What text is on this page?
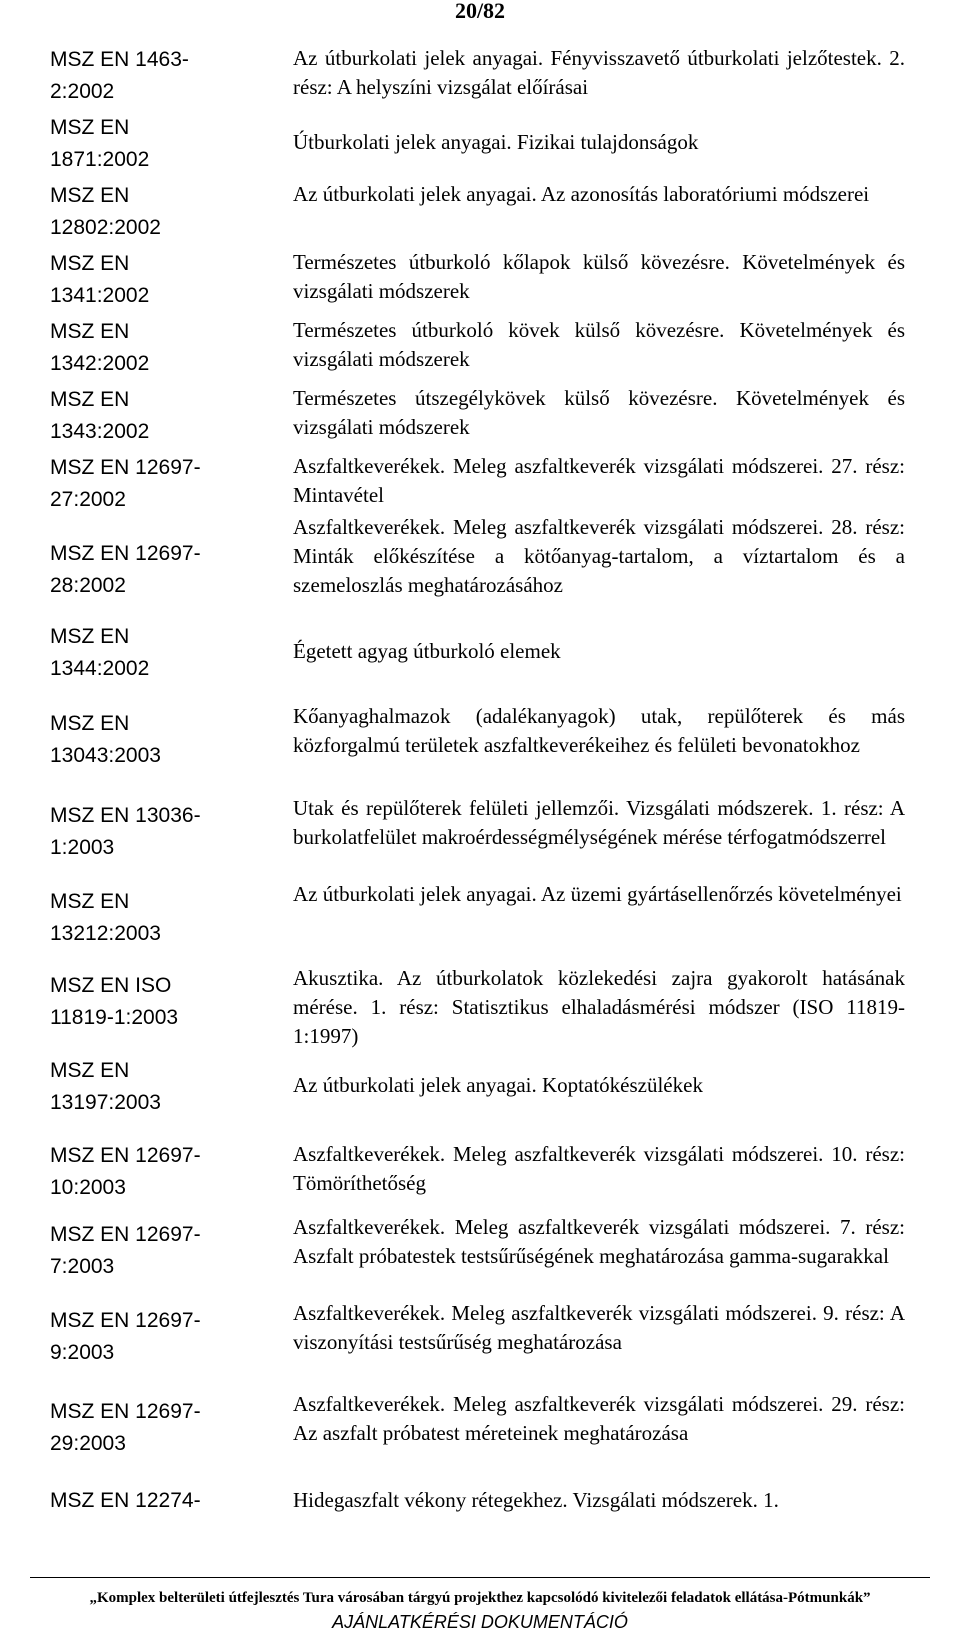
20/82
MSZ EN 1463-
2:2002
Az útburkolati jelek anyagai. Fényvisszavető útburkolati jelzőtestek. 2. rész: A helyszíni vizsgálat előírásai
MSZ EN
1871:2002
Útburkolati jelek anyagai. Fizikai tulajdonságok
MSZ EN
12802:2002
Az útburkolati jelek anyagai. Az azonosítás laboratóriumi módszerei
MSZ EN
1341:2002
Természetes útburkoló kőlapok külső kövezésre. Követelmények és vizsgálati módszerek
MSZ EN
1342:2002
Természetes útburkoló kövek külső kövezésre. Követelmények és vizsgálati módszerek
MSZ EN
1343:2002
Természetes útszegélykövek külső kövezésre. Követelmények és vizsgálati módszerek
MSZ EN 12697-
27:2002
Aszfaltkeverékek. Meleg aszfaltkeverék vizsgálati módszerei. 27. rész: Mintavétel
MSZ EN 12697-
28:2002
Aszfaltkeverékek. Meleg aszfaltkeverék vizsgálati módszerei. 28. rész: Minták előkészítése a kötőanyag-tartalom, a víztartalom és a szemeloszlás meghatározásához
MSZ EN
1344:2002
Égetett agyag útburkoló elemek
MSZ EN
13043:2003
Kőanyaghalmazok (adalékanyagok) utak, repülőterek és más közforgalmú területek aszfaltkeverékeihez és felületi bevonatokhoz
MSZ EN 13036-
1:2003
Utak és repülőterek felületi jellemzői. Vizsgálati módszerek. 1. rész: A burkolatfelület makroérdességmélységének mérése térfogatmódszerrel
MSZ EN
13212:2003
Az útburkolati jelek anyagai. Az üzemi gyártásellenőrzés követelményei
MSZ EN ISO
11819-1:2003
Akusztika. Az útburkolatok közlekedési zajra gyakorolt hatásának mérése. 1. rész: Statisztikus elhaladásmérési módszer (ISO 11819-1:1997)
MSZ EN
13197:2003
Az útburkolati jelek anyagai. Koptatókészülékek
MSZ EN 12697-
10:2003
Aszfaltkeverékek. Meleg aszfaltkeverék vizsgálati módszerei. 10. rész: Tömöríthetőség
MSZ EN 12697-
7:2003
Aszfaltkeverékek. Meleg aszfaltkeverék vizsgálati módszerei. 7. rész: Aszfalt próbatestek testsűrűségének meghatározása gamma-sugarakkal
MSZ EN 12697-
9:2003
Aszfaltkeverékek. Meleg aszfaltkeverék vizsgálati módszerei. 9. rész: A viszonyítási testsűrűség meghatározása
MSZ EN 12697-
29:2003
Aszfaltkeverékek. Meleg aszfaltkeverék vizsgálati módszerei. 29. rész: Az aszfalt próbatest méreteinek meghatározása
MSZ EN 12274-	Hidegaszfalt vékony rétegekhez. Vizsgálati módszerek. 1.
„Komplex belterületi útfejlesztés Tura városában tárgyú projekthez kapcsolódó kivitelezői feladatok ellátása-Pótmunkák”
AJÁNLATKÉRÉSI DOKUMENTÁCIÓ
